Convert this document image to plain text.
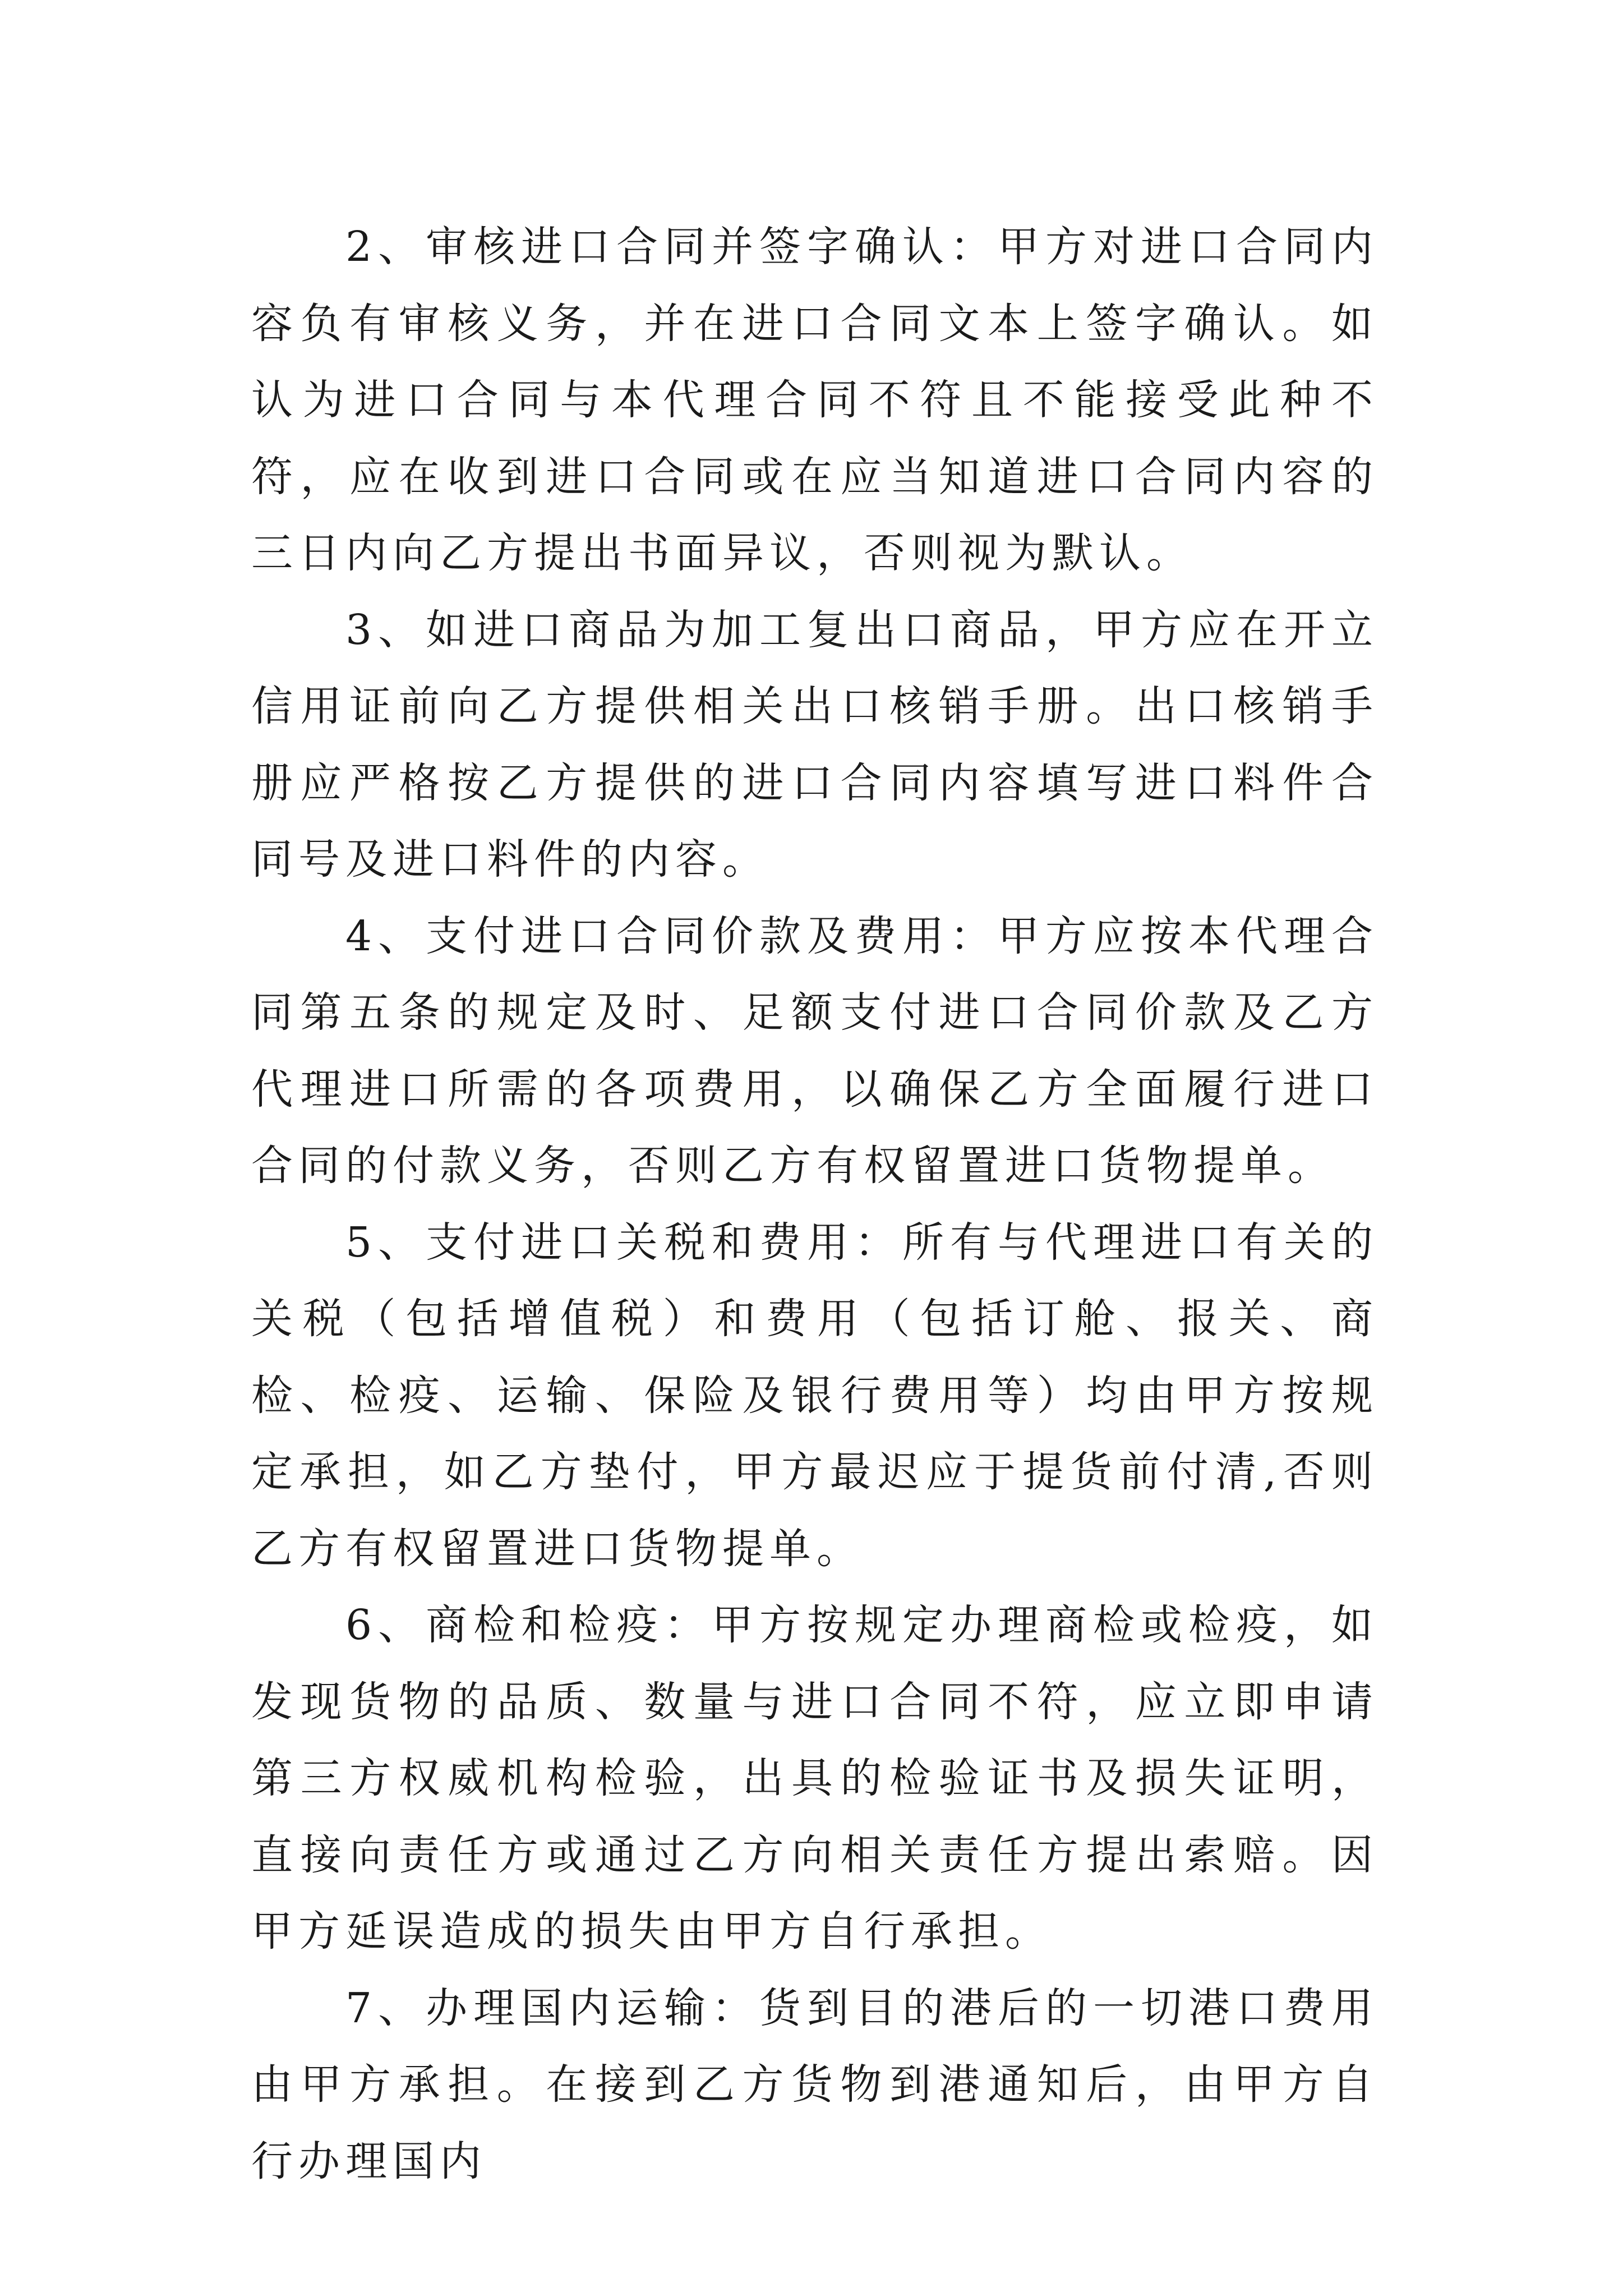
2、审核进口合同并签字确认：甲方对进口合同内容负有审核义务，并在进口合同文本上签字确认。如认为进口合同与本代理合同不符且不能接受此种不符，应在收到进口合同或在应当知道进口合同内容的三日内向乙方提出书面异议，否则视为默认。

3、如进口商品为加工复出口商品，甲方应在开立信用证前向乙方提供相关出口核销手册。出口核销手册应严格按乙方提供的进口合同内容填写进口料件合同号及进口料件的内容。

4、支付进口合同价款及费用：甲方应按本代理合同第五条的规定及时、足额支付进口合同价款及乙方代理进口所需的各项费用，以确保乙方全面履行进口合同的付款义务，否则乙方有权留置进口货物提单。

5、支付进口关税和费用：所有与代理进口有关的关税（包括增值税）和费用（包括订舱、报关、商检、检疫、运输、保险及银行费用等）均由甲方按规定承担，如乙方垫付，甲方最迟应于提货前付清,否则乙方有权留置进口货物提单。

6、商检和检疫：甲方按规定办理商检或检疫，如发现货物的品质、数量与进口合同不符，应立即申请第三方权威机构检验，出具的检验证书及损失证明，直接向责任方或通过乙方向相关责任方提出索赔。因甲方延误造成的损失由甲方自行承担。

7、办理国内运输：货到目的港后的一切港口费用由甲方承担。在接到乙方货物到港通知后，由甲方自行办理国内
